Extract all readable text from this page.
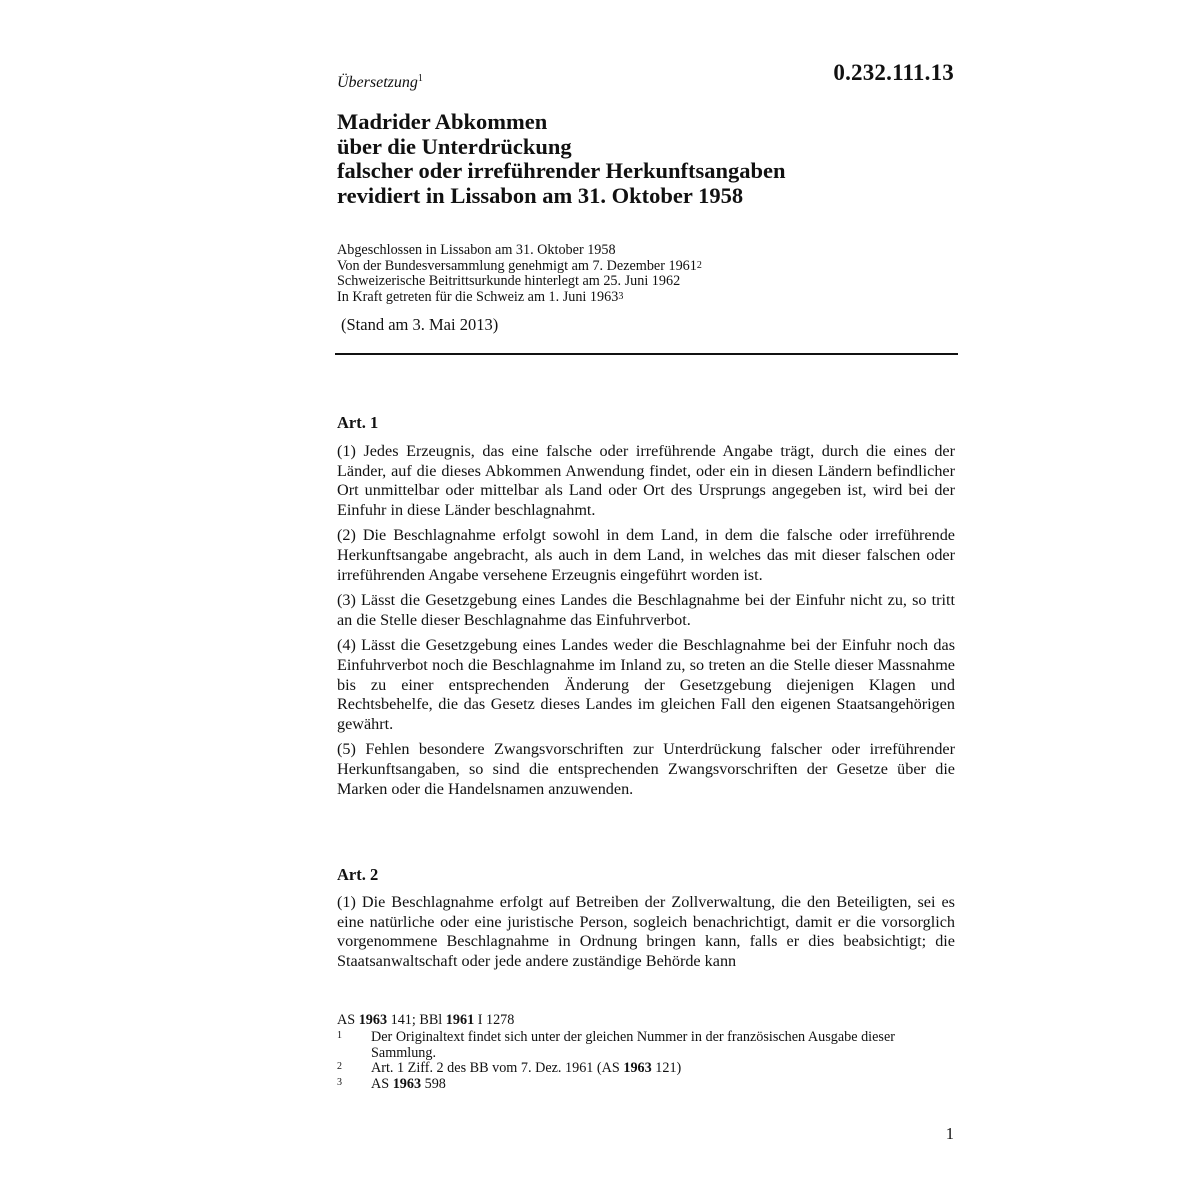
0.232.111.13
Übersetzung$^1$
Madrider Abkommen
über die Unterdrückung
falscher oder irreführender Herkunftsangaben
revidiert in Lissabon am 31. Oktober 1958
Abgeschlossen in Lissabon am 31. Oktober 1958
Von der Bundesversammlung genehmigt am 7. Dezember 1961$^2$
Schweizerische Beitrittsurkunde hinterlegt am 25. Juni 1962
In Kraft getreten für die Schweiz am 1. Juni 1963$^3$
(Stand am 3. Mai 2013)
Art. 1

(1) Jedes Erzeugnis, das eine falsche oder irreführende Angabe trägt, durch die eines der Länder, auf die dieses Abkommen Anwendung findet, oder ein in diesen Ländern befindlicher Ort unmittelbar oder mittelbar als Land oder Ort des Ursprungs angegeben ist, wird bei der Einfuhr in diese Länder beschlagnahmt.

(2) Die Beschlagnahme erfolgt sowohl in dem Land, in dem die falsche oder irreführende Herkunftsangabe angebracht, als auch in dem Land, in welches das mit dieser falschen oder irreführenden Angabe versehene Erzeugnis eingeführt worden ist.

(3) Lässt die Gesetzgebung eines Landes die Beschlagnahme bei der Einfuhr nicht zu, so tritt an die Stelle dieser Beschlagnahme das Einfuhrverbot.

(4) Lässt die Gesetzgebung eines Landes weder die Beschlagnahme bei der Einfuhr noch das Einfuhrverbot noch die Beschlagnahme im Inland zu, so treten an die Stelle dieser Massnahme bis zu einer entsprechenden Änderung der Gesetzgebung diejenigen Klagen und Rechtsbehelfe, die das Gesetz dieses Landes im gleichen Fall den eigenen Staatsangehörigen gewährt.

(5) Fehlen besondere Zwangsvorschriften zur Unterdrückung falscher oder irreführender Herkunftsangaben, so sind die entsprechenden Zwangsvorschriften der Gesetze über die Marken oder die Handelsnamen anzuwenden.

Art. 2

(1) Die Beschlagnahme erfolgt auf Betreiben der Zollverwaltung, die den Beteiligten, sei es eine natürliche oder eine juristische Person, sogleich benachrichtigt, damit er die vorsorglich vorgenommene Beschlagnahme in Ordnung bringen kann, falls er dies beabsichtigt; die Staatsanwaltschaft oder jede andere zuständige Behörde kann

AS 1963 141; BBl 1961 I 1278
1	Der Originaltext findet sich unter der gleichen Nummer in der französischen Ausgabe dieser Sammlung.
2	Art. 1 Ziff. 2 des BB vom 7. Dez. 1961 (AS 1963 121)
3	AS 1963 598
1
